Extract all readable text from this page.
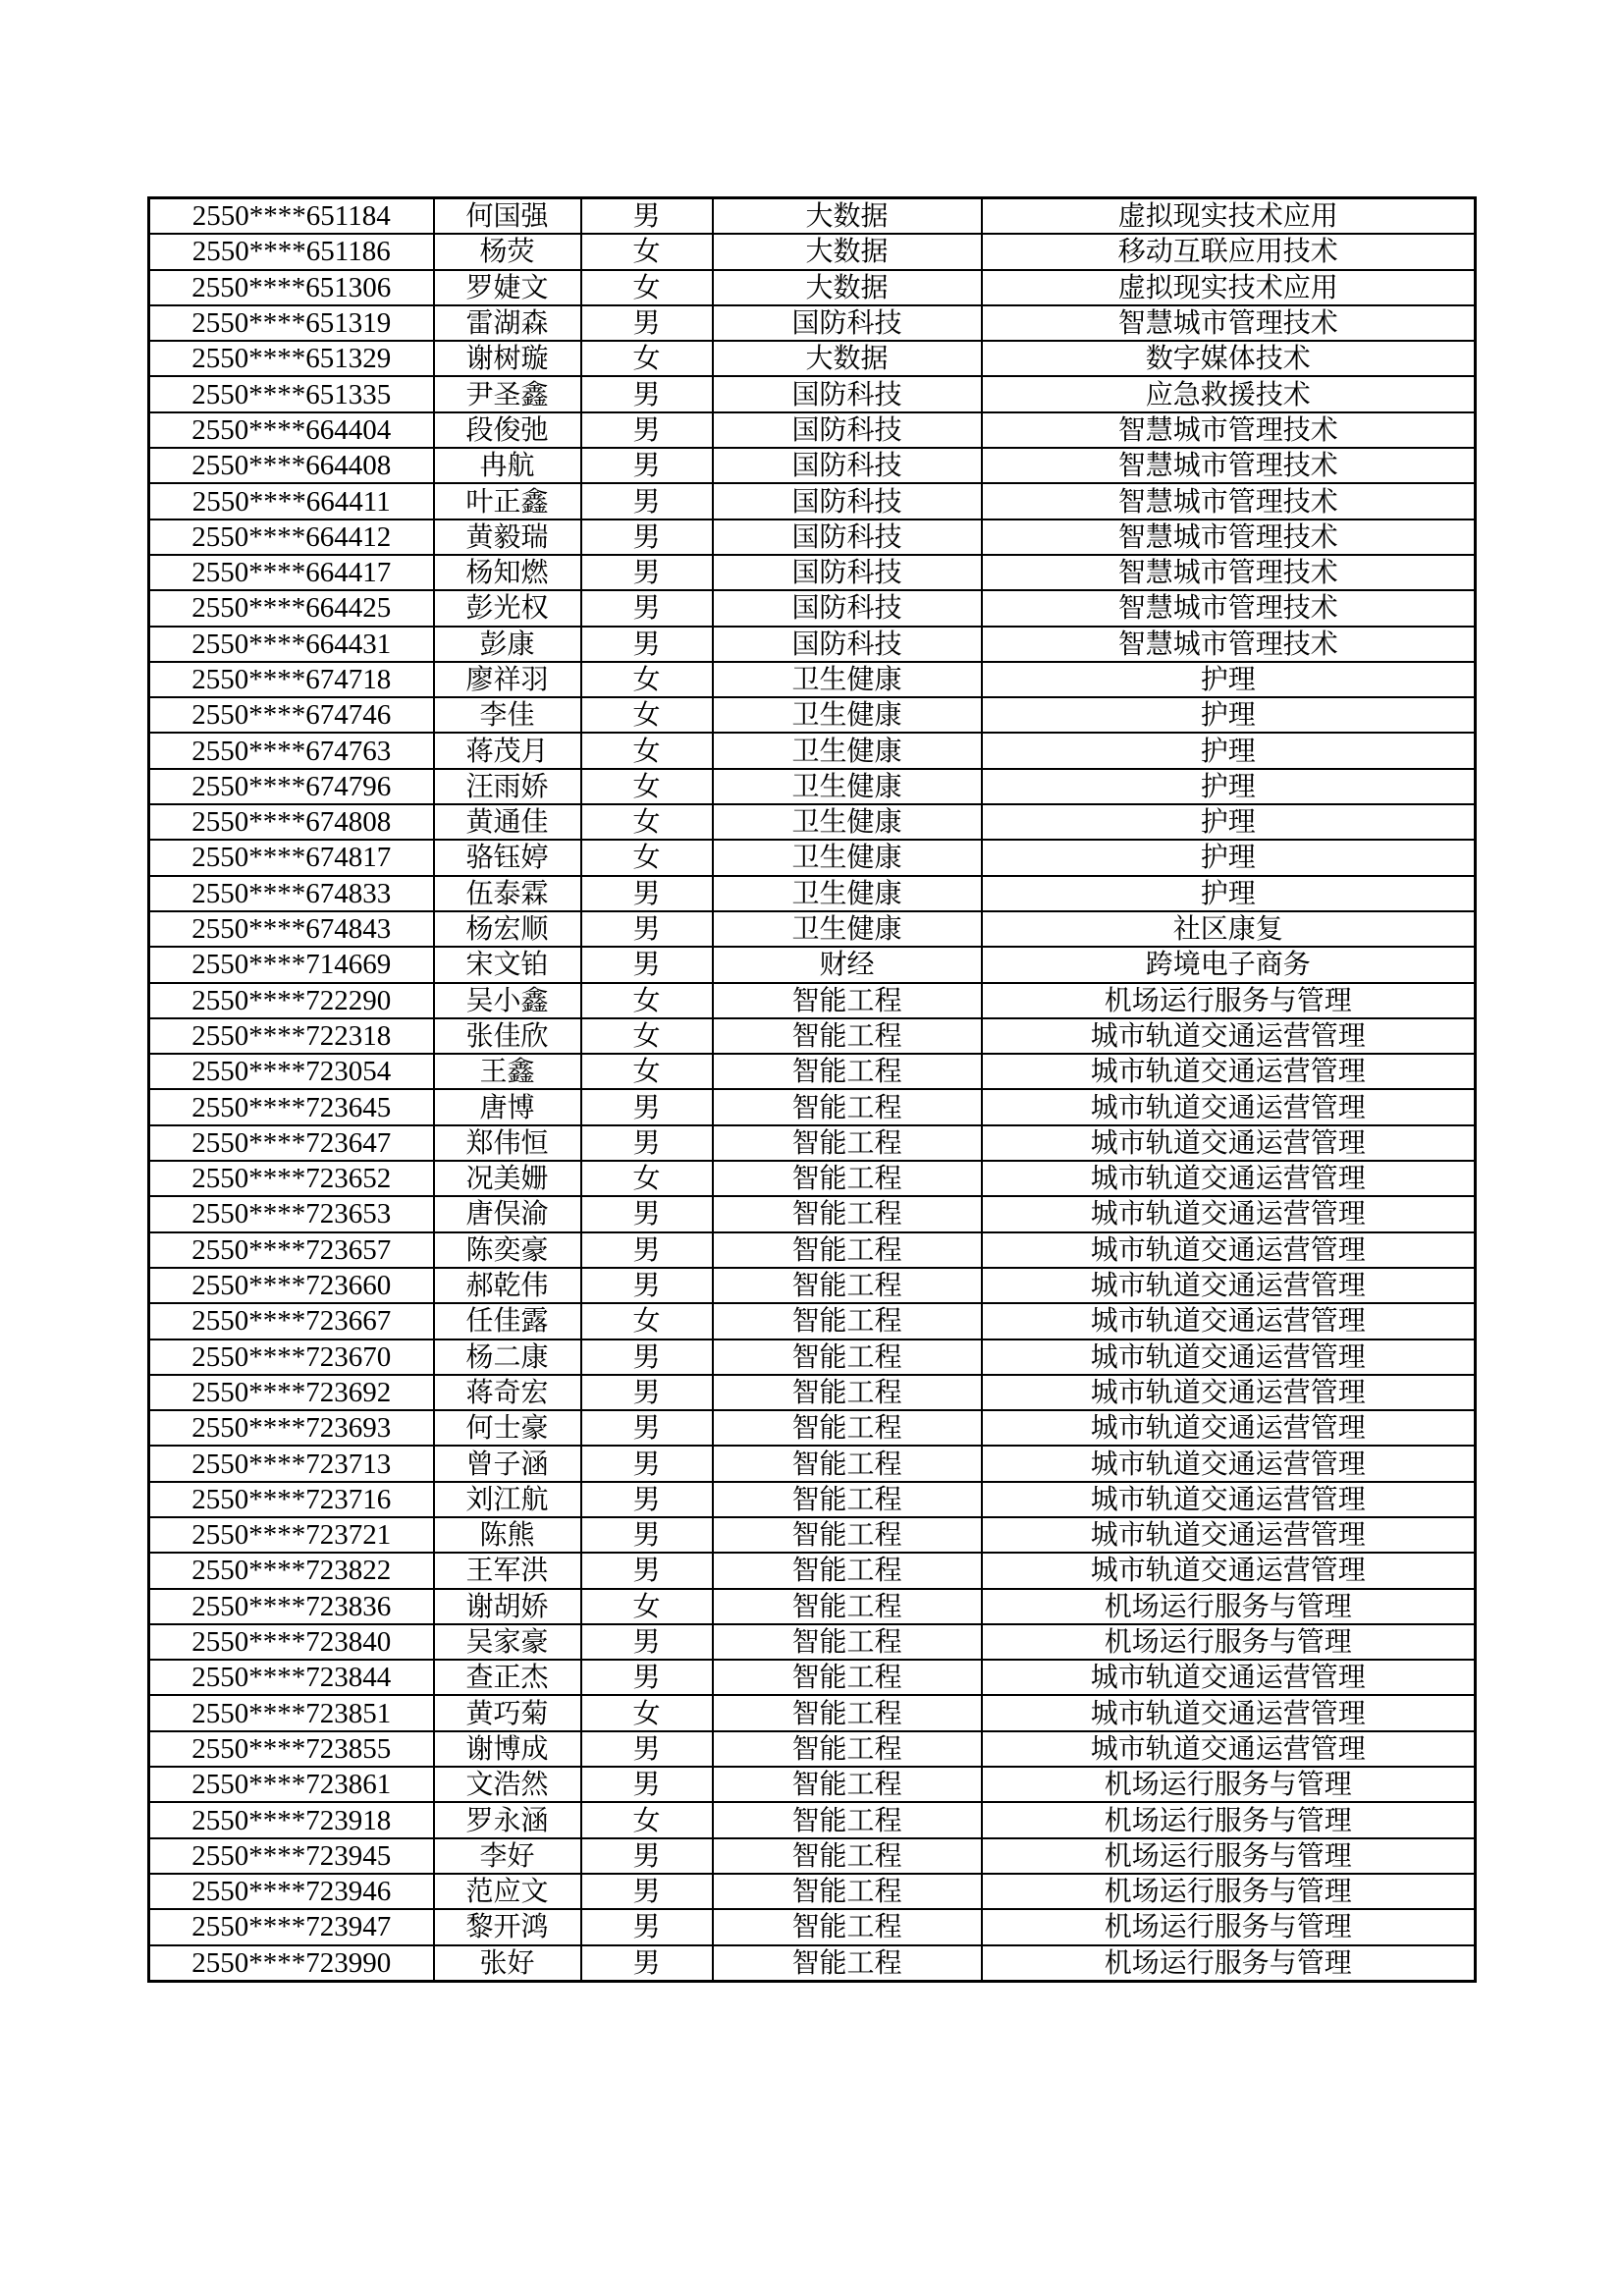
2550****651184	何国强	男	大数据	虚拟现实技术应用
2550****651186	杨荧	女	大数据	移动互联应用技术
2550****651306	罗婕文	女	大数据	虚拟现实技术应用
2550****651319	雷湖森	男	国防科技	智慧城市管理技术
2550****651329	谢树璇	女	大数据	数字媒体技术
2550****651335	尹圣鑫	男	国防科技	应急救援技术
2550****664404	段俊弛	男	国防科技	智慧城市管理技术
2550****664408	冉航	男	国防科技	智慧城市管理技术
2550****664411	叶正鑫	男	国防科技	智慧城市管理技术
2550****664412	黄毅瑞	男	国防科技	智慧城市管理技术
2550****664417	杨知燃	男	国防科技	智慧城市管理技术
2550****664425	彭光权	男	国防科技	智慧城市管理技术
2550****664431	彭康	男	国防科技	智慧城市管理技术
2550****674718	廖祥羽	女	卫生健康	护理
2550****674746	李佳	女	卫生健康	护理
2550****674763	蒋茂月	女	卫生健康	护理
2550****674796	汪雨娇	女	卫生健康	护理
2550****674808	黄通佳	女	卫生健康	护理
2550****674817	骆钰婷	女	卫生健康	护理
2550****674833	伍泰霖	男	卫生健康	护理
2550****674843	杨宏顺	男	卫生健康	社区康复
2550****714669	宋文铂	男	财经	跨境电子商务
2550****722290	吴小鑫	女	智能工程	机场运行服务与管理
2550****722318	张佳欣	女	智能工程	城市轨道交通运营管理
2550****723054	王鑫	女	智能工程	城市轨道交通运营管理
2550****723645	唐博	男	智能工程	城市轨道交通运营管理
2550****723647	郑伟恒	男	智能工程	城市轨道交通运营管理
2550****723652	况美姗	女	智能工程	城市轨道交通运营管理
2550****723653	唐俣渝	男	智能工程	城市轨道交通运营管理
2550****723657	陈奕豪	男	智能工程	城市轨道交通运营管理
2550****723660	郝乾伟	男	智能工程	城市轨道交通运营管理
2550****723667	任佳露	女	智能工程	城市轨道交通运营管理
2550****723670	杨二康	男	智能工程	城市轨道交通运营管理
2550****723692	蒋奇宏	男	智能工程	城市轨道交通运营管理
2550****723693	何士豪	男	智能工程	城市轨道交通运营管理
2550****723713	曾子涵	男	智能工程	城市轨道交通运营管理
2550****723716	刘江航	男	智能工程	城市轨道交通运营管理
2550****723721	陈熊	男	智能工程	城市轨道交通运营管理
2550****723822	王军洪	男	智能工程	城市轨道交通运营管理
2550****723836	谢胡娇	女	智能工程	机场运行服务与管理
2550****723840	吴家豪	男	智能工程	机场运行服务与管理
2550****723844	查正杰	男	智能工程	城市轨道交通运营管理
2550****723851	黄巧菊	女	智能工程	城市轨道交通运营管理
2550****723855	谢博成	男	智能工程	城市轨道交通运营管理
2550****723861	文浩然	男	智能工程	机场运行服务与管理
2550****723918	罗永涵	女	智能工程	机场运行服务与管理
2550****723945	李好	男	智能工程	机场运行服务与管理
2550****723946	范应文	男	智能工程	机场运行服务与管理
2550****723947	黎开鸿	男	智能工程	机场运行服务与管理
2550****723990	张好	男	智能工程	机场运行服务与管理
